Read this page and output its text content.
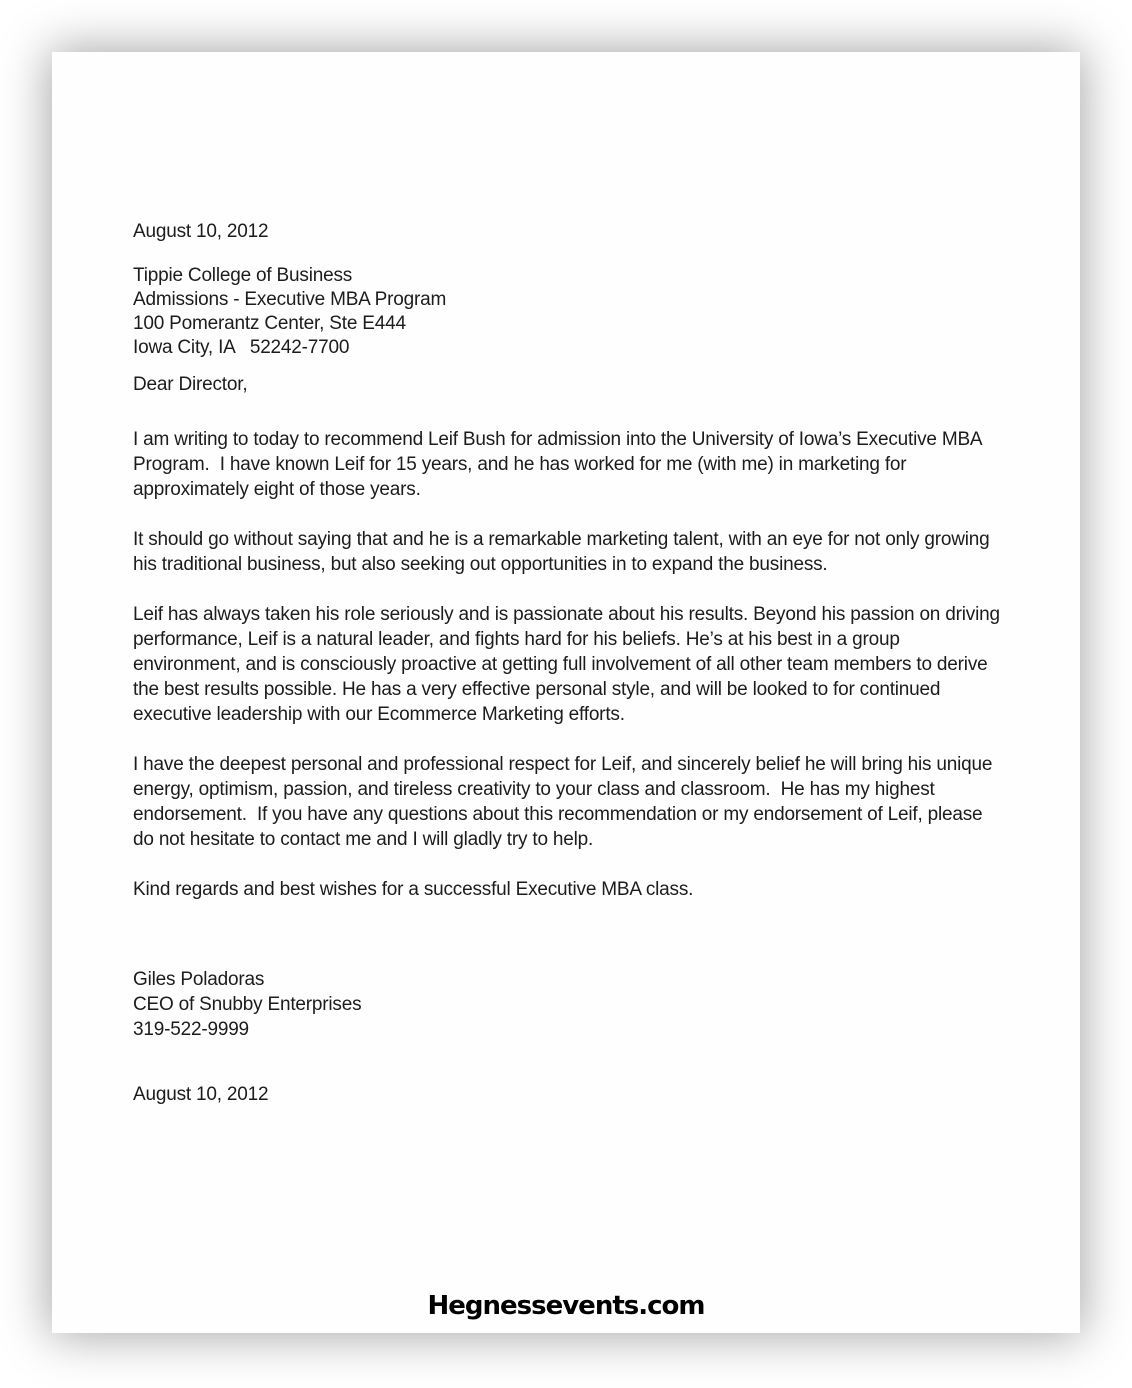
August 10, 2012

Tippie College of Business

Admissions - Executive MBA Program

100 Pomerantz Center, Ste E444

Iowa City, IA   52242-7700

Dear Director,

I am writing to today to recommend Leif Bush for admission into the University of Iowa’s Executive MBA Program.  I have known Leif for 15 years, and he has worked for me (with me) in marketing for approximately eight of those years.

It should go without saying that and he is a remarkable marketing talent, with an eye for not only growing his traditional business, but also seeking out opportunities in to expand the business.

Leif has always taken his role seriously and is passionate about his results. Beyond his passion on driving performance, Leif is a natural leader, and fights hard for his beliefs. He’s at his best in a group environment, and is consciously proactive at getting full involvement of all other team members to derive the best results possible. He has a very effective personal style, and will be looked to for continued executive leadership with our Ecommerce Marketing efforts.

I have the deepest personal and professional respect for Leif, and sincerely belief he will bring his unique energy, optimism, passion, and tireless creativity to your class and classroom.  He has my highest endorsement.  If you have any questions about this recommendation or my endorsement of Leif, please do not hesitate to contact me and I will gladly try to help.

Kind regards and best wishes for a successful Executive MBA class.

Giles Poladoras

CEO of Snubby Enterprises

319-522-9999

August 10, 2012

Hegnessevents.com
